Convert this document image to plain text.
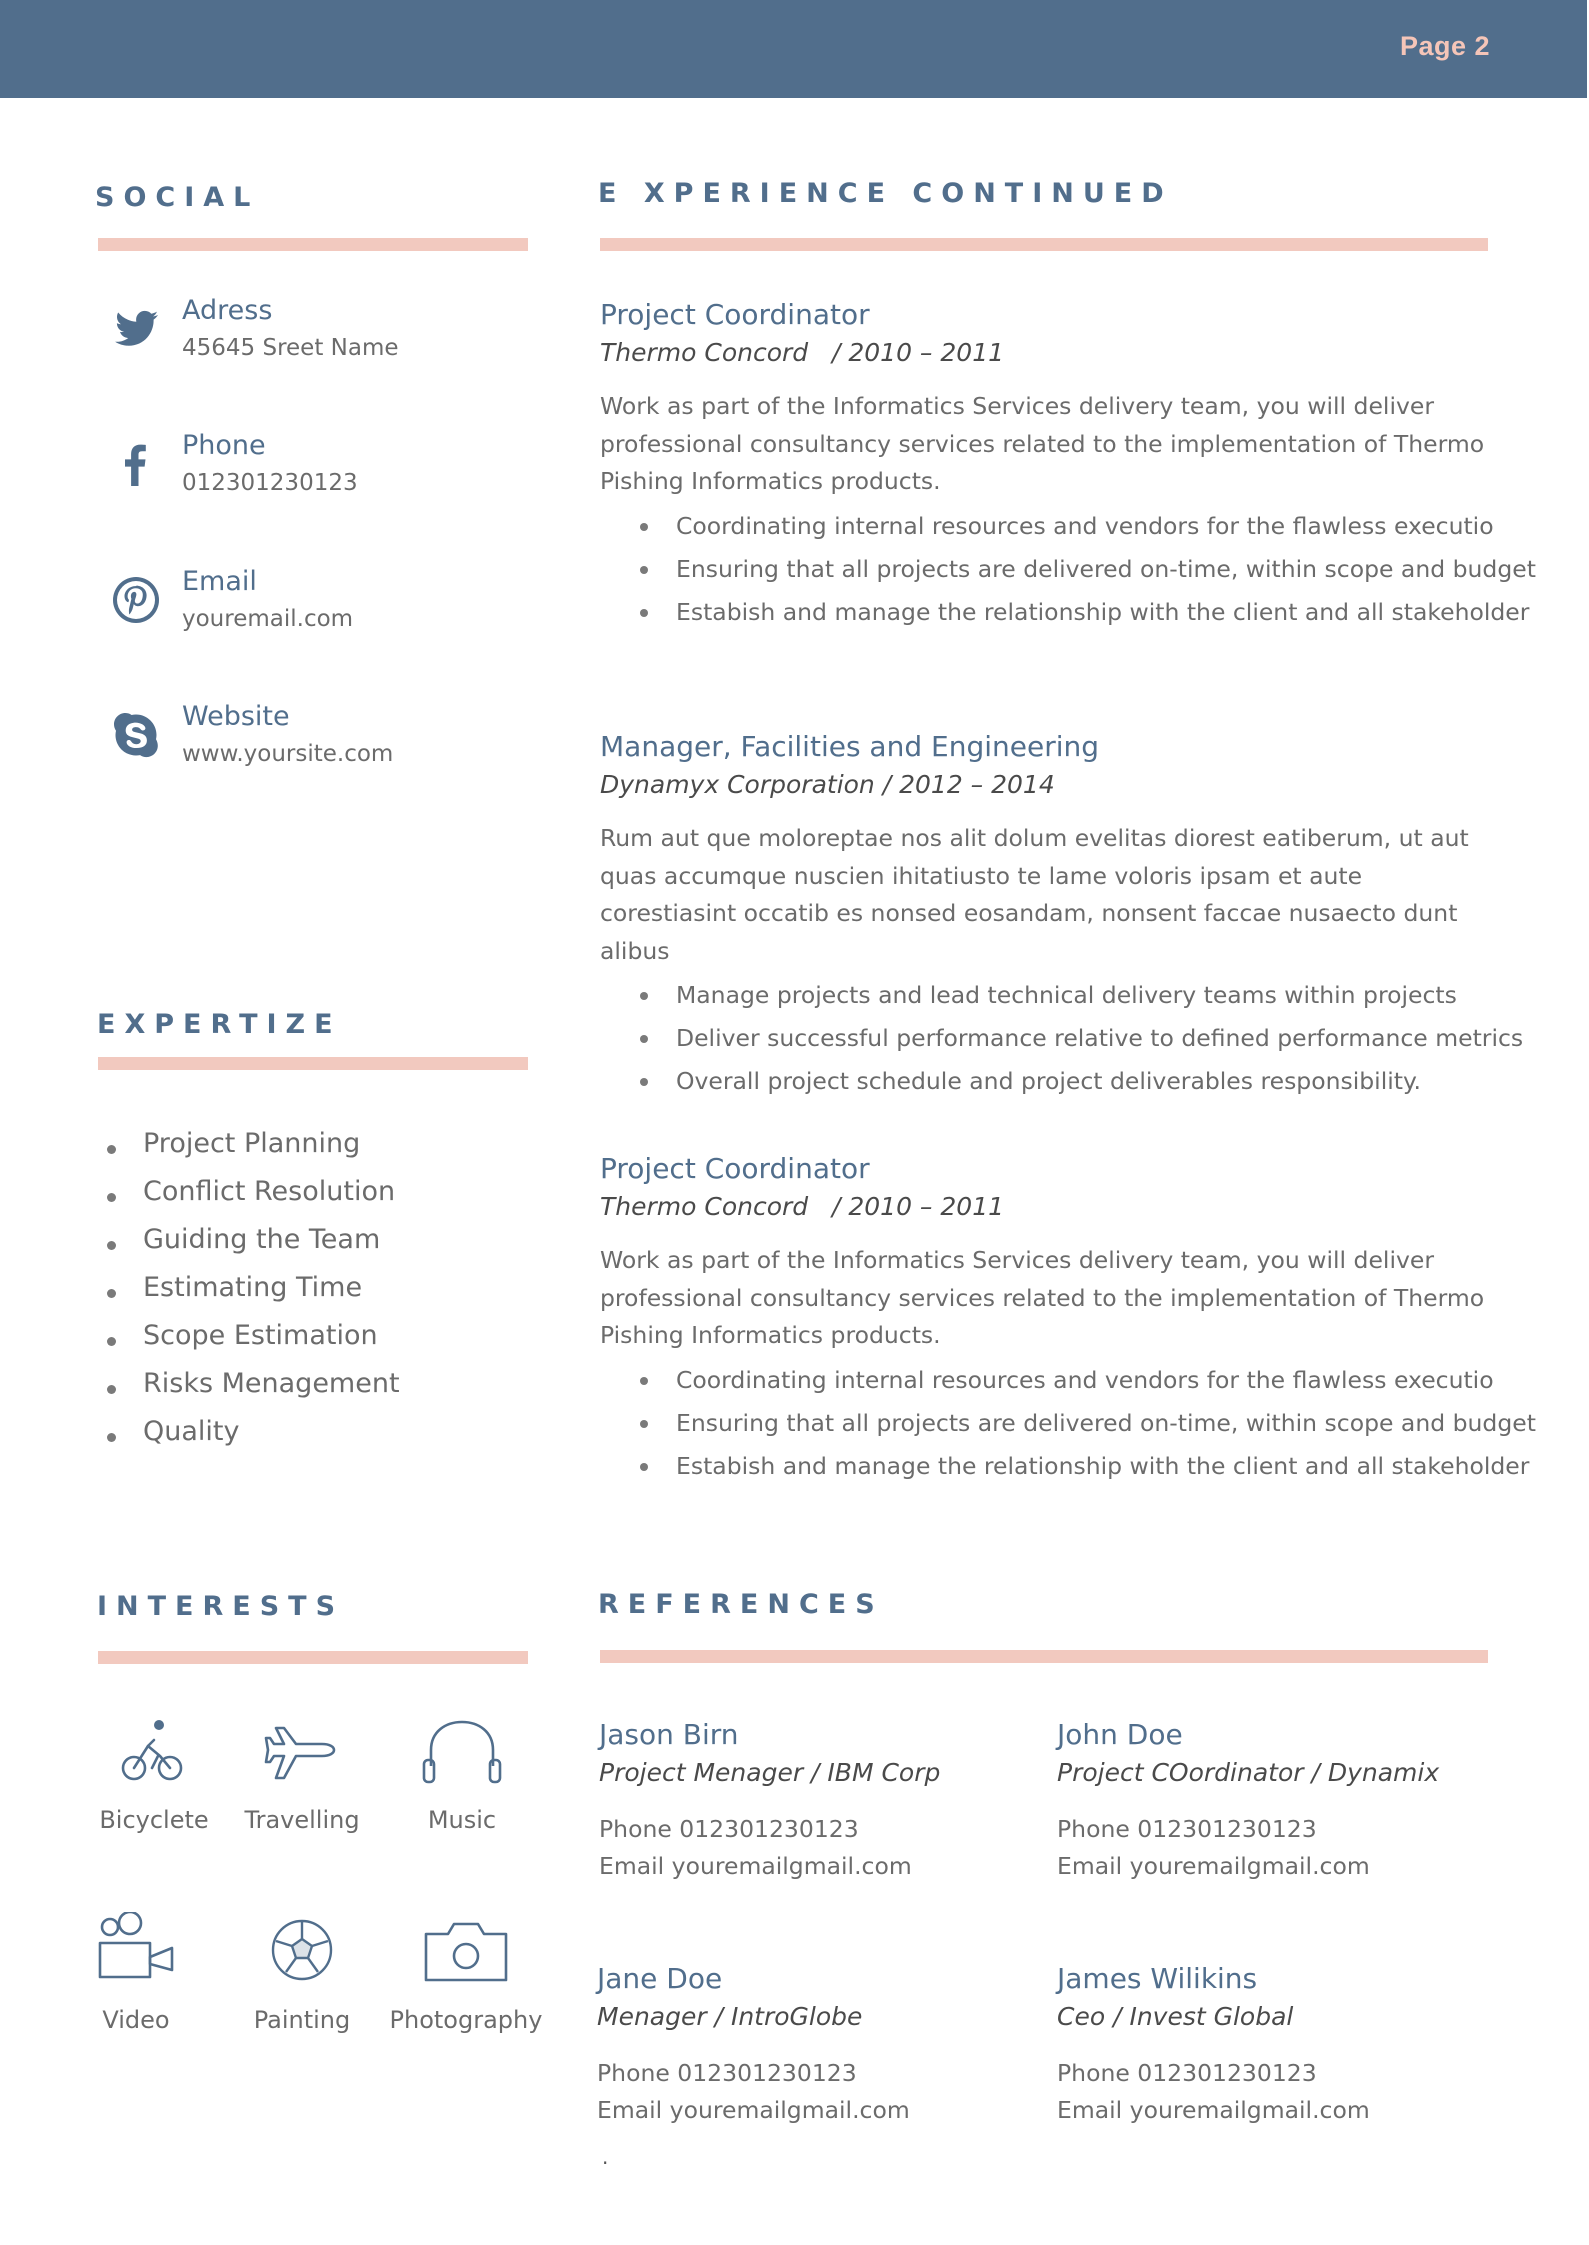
Page 2
SOCIAL
Adress
45645 Sreet Name
Phone
012301230123
Email
youremail.com
Website
www.yoursite.com
EXPERTIZE
Project Planning
Conflict Resolution
Guiding the Team
Estimating Time
Scope Estimation
Risks Menagement
Quality
INTERESTS
Bicyclete	Travelling	Music
Video	Painting	Photography
E XPERIENCE CONTINUED
Project Coordinator
Thermo Concord   / 2010 – 2011

Work as part of the Informatics Services delivery team, you will deliver professional consultancy services related to the implementation of Thermo Pishing Informatics products.

Coordinating internal resources and vendors for the flawless executio
Ensuring that all projects are delivered on-time, within scope and budget
Estabish and manage the relationship with the client and all stakeholder
Manager, Facilities and Engineering
Dynamyx Corporation / 2012 – 2014

Rum aut que moloreptae nos alit dolum evelitas diorest eatiberum, ut aut quas accumque nuscien ihitatiusto te lame voloris ipsam et aute corestiasint occatib es nonsed eosandam, nonsent faccae nusaecto dunt alibus

Manage projects and lead technical delivery teams within projects
Deliver successful performance relative to defined performance metrics
Overall project schedule and project deliverables responsibility.
Project Coordinator
Thermo Concord   / 2010 – 2011

Work as part of the Informatics Services delivery team, you will deliver professional consultancy services related to the implementation of Thermo Pishing Informatics products.

Coordinating internal resources and vendors for the flawless executio
Ensuring that all projects are delivered on-time, within scope and budget
Estabish and manage the relationship with the client and all stakeholder
REFERENCES
Jason Birn
Project Menager / IBM Corp
Phone 012301230123
Email youremailgmail.com
John Doe
Project COordinator / Dynamix
Phone 012301230123
Email youremailgmail.com
Jane Doe
Menager / IntroGlobe
Phone 012301230123
Email youremailgmail.com
James Wilikins
Ceo / Invest Global
Phone 012301230123
Email youremailgmail.com
.
